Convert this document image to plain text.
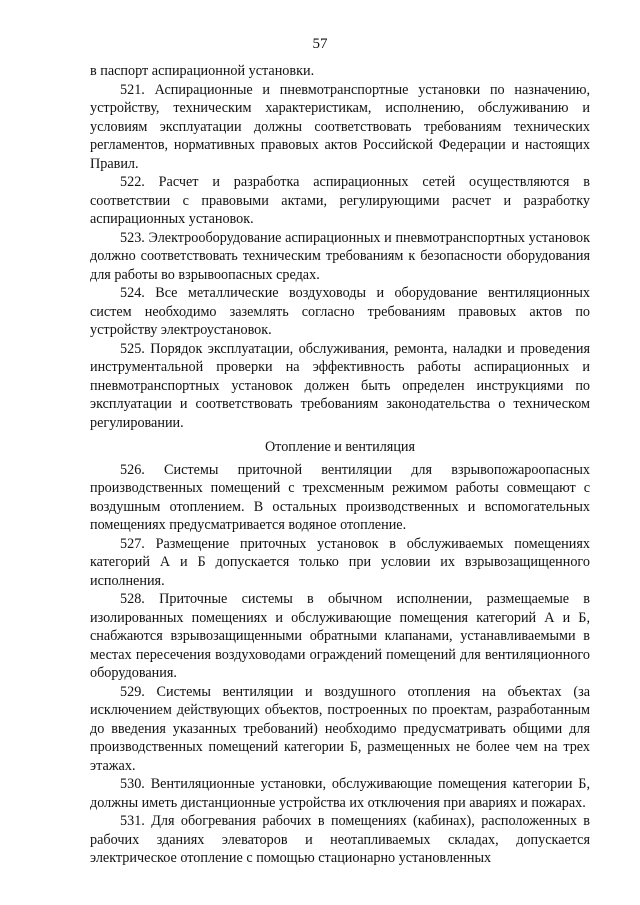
57

в паспорт аспирационной установки.

521. Аспирационные и пневмотранспортные установки по назначению, устройству, техническим характеристикам, исполнению, обслуживанию и условиям эксплуатации должны соответствовать требованиям технических регламентов, нормативных правовых актов Российской Федерации и настоящих Правил.

522. Расчет и разработка аспирационных сетей осуществляются в соответствии с правовыми актами, регулирующими расчет и разработку аспирационных установок.

523. Электрооборудование аспирационных и пневмотранспортных установок должно соответствовать техническим требованиям к безопасности оборудования для работы во взрывоопасных средах.

524. Все металлические воздуховоды и оборудование вентиляционных систем необходимо заземлять согласно требованиям правовых актов по устройству электроустановок.

525. Порядок эксплуатации, обслуживания, ремонта, наладки и проведения инструментальной проверки на эффективность работы аспирационных и пневмотранспортных установок должен быть определен инструкциями по эксплуатации и соответствовать требованиям законодательства о техническом регулировании.

Отопление и вентиляция

526. Системы приточной вентиляции для взрывопожароопасных производственных помещений с трехсменным режимом работы совмещают с воздушным отоплением. В остальных производственных и вспомогательных помещениях предусматривается водяное отопление.

527. Размещение приточных установок в обслуживаемых помещениях категорий А и Б допускается только при условии их взрывозащищенного исполнения.

528. Приточные системы в обычном исполнении, размещаемые в изолированных помещениях и обслуживающие помещения категорий А и Б, снабжаются взрывозащищенными обратными клапанами, устанавливаемыми в местах пересечения воздуховодами ограждений помещений для вентиляционного оборудования.

529. Системы вентиляции и воздушного отопления на объектах (за исключением действующих объектов, построенных по проектам, разработанным до введения указанных требований) необходимо предусматривать общими для производственных помещений категории Б, размещенных не более чем на трех этажах.

530. Вентиляционные установки, обслуживающие помещения категории Б, должны иметь дистанционные устройства их отключения при авариях и пожарах.

531. Для обогревания рабочих в помещениях (кабинах), расположенных в рабочих зданиях элеваторов и неотапливаемых складах, допускается электрическое отопление с помощью стационарно установленных
